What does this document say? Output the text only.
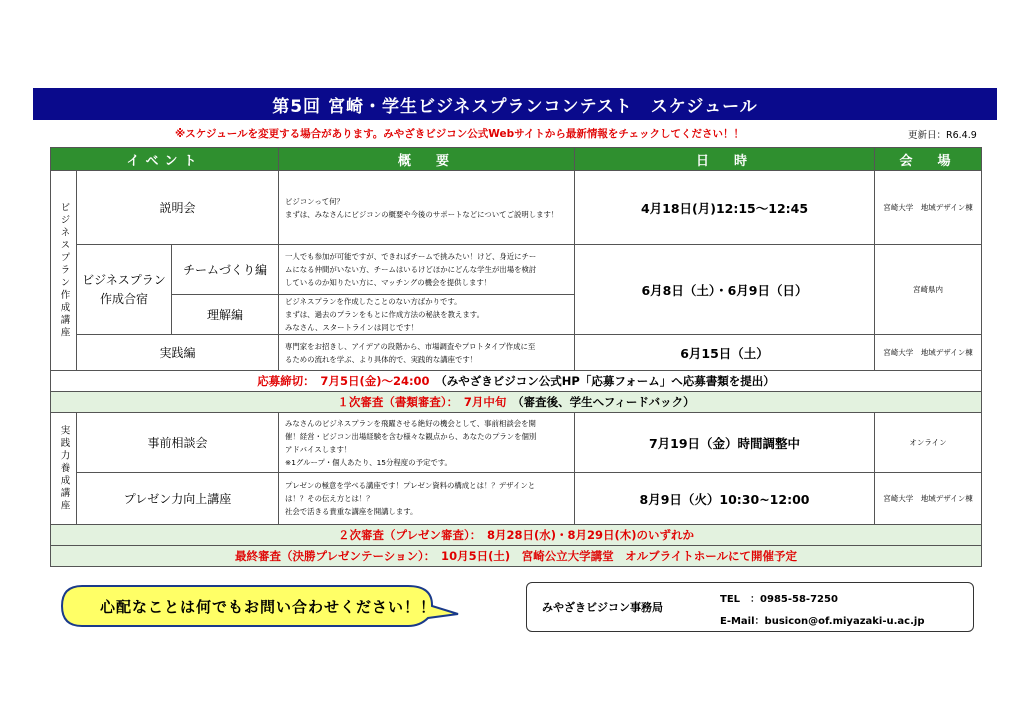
第5回 宮崎・学生ビジネスプランコンテスト　スケジュール
※スケジュールを変更する場合があります。みやざきビジコン公式Webサイトから最新情報をチェックしてください！！	更新日：R6.4.9
イベント			概　要	日　時	会　場
ビジネスプラン作成講座	説明会		ビジコンって何？
まずは、みなさんにビジコンの概要や今後のサポートなどについてご説明します！	4月18日(月)12:15〜12:45	宮崎大学　地域デザイン棟
	ビジネスプラン作成合宿	チームづくり編	一人でも参加が可能ですが、できればチームで挑みたい！けど、身近にチー
ムになる仲間がいない方、チームはいるけどほかにどんな学生が出場を検討
しているのか知りたい方に、マッチングの機会を提供します！	6月8日（土）・6月9日（日）	宮崎県内
		理解編	ビジネスプランを作成したことのない方ばかりです。
まずは、過去のプランをもとに作成方法の秘訣を教えます。
みなさん、スタートラインは同じです！		

	実践編		専門家をお招きし、アイデアの段階から、市場調査やプロトタイプ作成に至
るための流れを学ぶ、より具体的で、実践的な講座です！	6月15日（土）	宮崎大学　地域デザイン棟
応募締切：　7月5日(金)〜24:00　（みやざきビジコン公式HP「応募フォーム」へ応募書類を提出）					
１次審査（書類審査）：　7月中旬　（審査後、学生へフィードバック）					
実践力養成講座	事前相談会		みなさんのビジネスプランを飛躍させる絶好の機会として、事前相談会を開
催！経営・ビジコン出場経験を含む様々な観点から、あなたのプランを個別
アドバイスします！
※1グループ・個人あたり、15分程度の予定です。	7月19日（金）時間調整中	オンライン
	プレゼン力向上講座		プレゼンの極意を学べる講座です！プレゼン資料の構成とは！？デザインと
は！？その伝え方とは！？
社会で活きる貴重な講座を開講します。	8月9日（火）10:30~12:00	宮崎大学　地域デザイン棟
２次審査（プレゼン審査）：　8月28日(水)・8月29日(木)のいずれか					
最終審査（決勝プレゼンテーション）：　10月5日(土)　宮崎公立大学講堂　オルブライトホールにて開催予定					
心配なことは何でもお問い合わせください！！	みやざきビジコン事務局
TEL　：0985-58-7250
E-Mail：busicon@of.miyazaki-u.ac.jp
